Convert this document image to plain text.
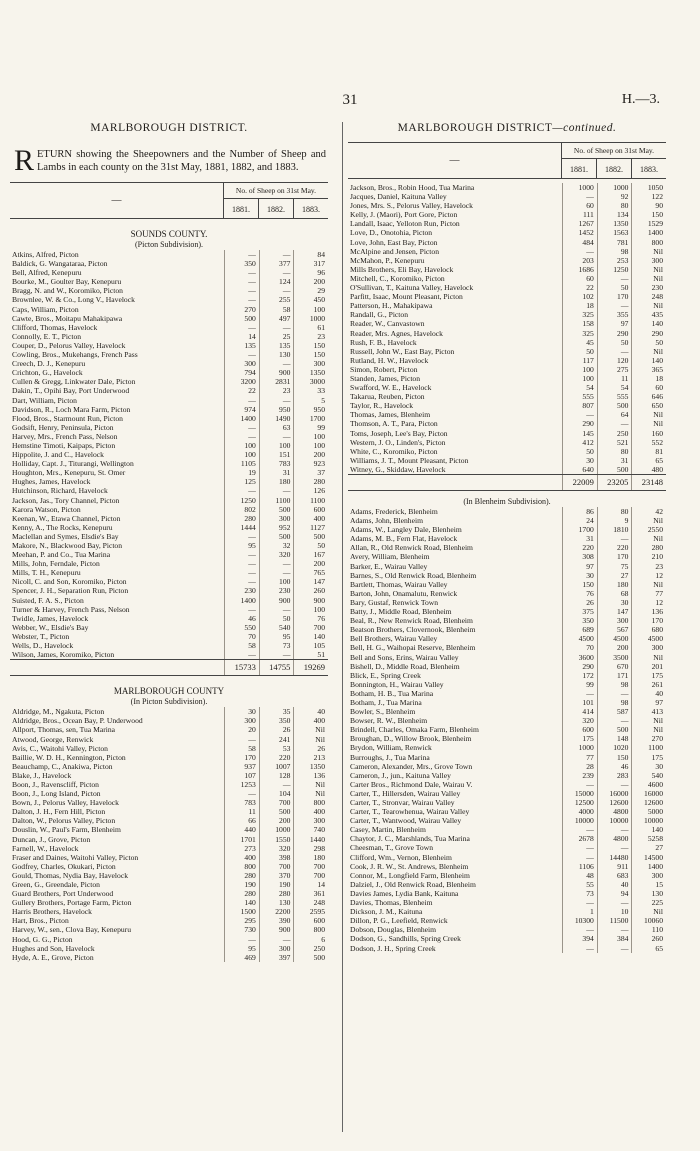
31	H.—3.
MARLBOROUGH DISTRICT.
RETURN showing the Sheepowners and the Number of Sheep and Lambs in each county on the 31st May, 1881, 1882, and 1883.
—
No. of Sheep on 31st May.
1881.	1882.	1883.
SOUNDS COUNTY.
(Picton Subdivision).
Atkins, Alfred, Picton	—	—	84
Baldick, G. Wangataraa, Picton	350	377	317
Bell, Alfred, Kenepuru	—	—	96
Bourke, M., Goulter Bay, Kenepuru	—	124	200
Bragg, N. and W., Koromiko, Picton	—	—	29
Brownlee, W. & Co., Long V., Havelock	—	255	450
Caps, William, Picton	270	58	100
Cawte, Bros., Moitapu Mahakipawa	500	497	1000
Clifford, Thomas, Havelock	—	—	61
Connolly, E. T., Picton	14	25	23
Couper, D., Pelorus Valley, Havelock	135	135	150
Cowling, Bros., Mukehangs, French Pass	—	130	150
Creech, D. J., Kenepuru	300	—	300
Crichton, G., Havelock	794	900	1350
Cullen & Gregg, Linkwater Dale, Picton	3200	2831	3000
Dakin, T., Opihi Bay, Port Underwood	22	23	33
Dart, William, Picton	—	—	5
Davidson, R., Loch Mara Farm, Picton	974	950	950
Flood, Bros., Starmount Run, Picton	1400	1490	1700
Godsift, Henry, Peninsula, Picton	—	63	99
Harvey, Mrs., French Pass, Nelson	—	—	100
Hemstine Timoti, Kaipaps, Picton	100	100	100
Hippolite, J. and C., Havelock	100	151	200
Holliday, Capt. J., Titurangi, Wellington	1105	783	923
Houghton, Mrs., Kenepuru, St. Omer	19	31	37
Hughes, James, Havelock	125	180	280
Hutchinson, Richard, Havelock	—	—	126
Jackson, Jas., Tory Channel, Picton	1250	1100	1100
Karora Watson, Picton	802	500	600
Keenan, W., Etawa Channel, Picton	280	300	400
Kenny, A., The Rocks, Kenepuru	1444	952	1127
Maclellan and Symes, Elsdie's Bay	—	500	500
Makore, N., Blackwood Bay, Picton	95	32	50
Meehan, P. and Co., Tua Marina	—	320	167
Mills, John, Ferndale, Picton	—	—	200
Mills, T. H., Kenepuru	—	—	765
Nicoll, C. and Son, Koromiko, Picton	—	100	147
Spencer, J. H., Separation Run, Picton	230	230	260
Suisted, F. A. S., Picton	1400	900	900
Turner & Harvey, French Pass, Nelson	—	—	100
Twidle, James, Havelock	46	50	76
Webber, W., Elsdie's Bay	550	540	700
Webster, T., Picton	70	95	140
Wells, D., Havelock	58	73	105
Wilson, James, Koromiko, Picton	—	—	51
15733	14755	19269
MARLBOROUGH COUNTY
(In Picton Subdivision).
Aldridge, M., Ngakuta, Picton	30	35	40
Aldridge, Bros., Ocean Bay, P. Underwood	300	350	400
Allport, Thomas, sen, Tua Marina	20	26	Nil
Atwood, George, Renwick	—	241	Nil
Avis, C., Waitohi Valley, Picton	58	53	26
Baillie, W. D. H., Kennington, Picton	170	220	213
Beauchamp, C., Anakiwa, Picton	937	1007	1350
Blake, J., Havelock	107	128	136
Boon, J., Ravenscliff, Picton	1253	—	Nil
Boon, J., Long Island, Picton	—	104	Nil
Bown, J., Pelorus Valley, Havelock	783	700	800
Dalton, J. H., Fern Hill, Picton	11	500	400
Dalton, W., Pelorus Valley, Picton	66	200	300
Douslin, W., Paul's Farm, Blenheim	440	1000	740
Duncan, J., Grove, Picton	1701	1550	1440
Farnell, W., Havelock	273	320	298
Fraser and Daines, Waitohi Valley, Picton	400	398	180
Godfrey, Charles, Okukari, Picton	800	700	700
Gould, Thomas, Nydia Bay, Havelock	280	370	700
Green, G., Greendale, Picton	190	190	14
Guard Brothers, Port Underwood	280	280	361
Gullery Brothers, Portage Farm, Picton	140	130	248
Harris Brothers, Havelock	1500	2200	2595
Hart, Bros., Picton	295	390	600
Harvey, W., sen., Clova Bay, Kenepuru	730	900	800
Hood, G. G., Picton	—	—	6
Hughes and Son, Havelock	95	300	250
Hyde, A. E., Grove, Picton	469	397	500
MARLBOROUGH DISTRICT—continued.
—
No. of Sheep on 31st May.
1881.	1882.	1883.
Jackson, Bros., Robin Hood, Tua Marina	1000	1000	1050
Jacques, Daniel, Kaituna Valley	—	92	122
Jones, Mrs. S., Pelorus Valley, Havelock	60	80	90
Kelly, J. (Maori), Port Gore, Picton	111	134	150
Landall, Isaac, Yelloton Run, Picton	1267	1350	1529
Love, D., Onotohia, Picton	1452	1563	1400
Love, John, East Bay, Picton	484	781	800
McAlpine and Jensen, Picton	—	98	Nil
McMahon, P., Kenepuru	203	253	300
Mills Brothers, Eli Bay, Havelock	1686	1250	Nil
Mitchell, C., Koromiko, Picton	60	—	Nil
O'Sullivan, T., Kaituna Valley, Havelock	22	50	230
Parfitt, Isaac, Mount Pleasant, Picton	102	170	248
Patterson, H., Mahakipawa	18	—	Nil
Randall, G., Picton	325	355	435
Reader, W., Canvastown	158	97	140
Reader, Mrs. Agnes, Havelock	325	290	290
Rush, F. B., Havelock	45	50	50
Russell, John W., East Bay, Picton	50	—	Nil
Rutland, H. W., Havelock	117	120	140
Simon, Robert, Picton	100	275	365
Standen, James, Picton	100	11	18
Swafford, W. E., Havelock	54	54	60
Takarua, Reuben, Picton	555	555	646
Taylor, R., Havelock	807	500	650
Thomas, James, Blenheim	—	64	Nil
Thomson, A. T., Para, Picton	290	—	Nil
Toms, Joseph, Lee's Bay, Picton	145	250	160
Western, J. O., Linden's, Picton	412	521	552
White, C., Koromiko, Picton	50	80	81
Williams, J. T., Mount Pleasant, Picton	30	31	65
Witney, G., Skiddaw, Havelock	640	500	480
22009	23205	23148
(In Blenheim Subdivision).
Adams, Frederick, Blenheim	86	80	42
Adams, John, Blenheim	24	9	Nil
Adams, W., Langley Dale, Blenheim	1700	1810	2550
Adams, M. B., Fern Flat, Havelock	31	—	Nil
Allan, R., Old Renwick Road, Blenheim	220	220	280
Avery, William, Blenheim	308	170	210
Barker, E., Wairau Valley	97	75	23
Barnes, S., Old Renwick Road, Blenheim	30	27	12
Bartlett, Thomas, Wairau Valley	150	180	Nil
Barton, John, Onamalutu, Renwick	76	68	77
Bary, Gustaf, Renwick Town	26	30	12
Batty, J., Middle Road, Blenheim	375	147	136
Beal, R., New Renwick Road, Blenheim	350	300	170
Beatson Brothers, Clovernook, Blenheim	689	567	680
Bell Brothers, Wairau Valley	4500	4500	4500
Bell, H. G., Waihopai Reserve, Blenheim	70	200	300
Bell and Sons, Erins, Wairau Valley	3600	3500	Nil
Bishell, D., Middle Road, Blenheim	290	670	201
Blick, E., Spring Creek	172	171	175
Bonnington, H., Wairau Valley	99	98	261
Botham, H. B., Tua Marina	—	—	40
Botham, J., Tua Marina	101	98	97
Bowler, S., Blenheim	414	587	413
Bowser, R. W., Blenheim	320	—	Nil
Brindell, Charles, Omaka Farm, Blenheim	600	500	Nil
Broughan, D., Willow Brook, Blenheim	175	148	270
Brydon, William, Renwick	1000	1020	1100
Burroughs, J., Tua Marina	77	150	175
Cameron, Alexander, Mrs., Grove Town	28	46	30
Cameron, J., jun., Kaituna Valley	239	283	540
Carter Bros., Richmond Dale, Wairau V.	—	—	4600
Carter, T., Hillersden, Wairau Valley	15000	16000	16000
Carter, T., Stronvar, Wairau Valley	12500	12600	12600
Carter, T., Tearowhenua, Wairau Valley	4000	4800	5000
Carter, T., Wantwood, Wairau Valley	10000	10000	10000
Casey, Martin, Blenheim	—	—	140
Chaytor, J. C., Marshlands, Tua Marina	2678	4800	5258
Cheesman, T., Grove Town	—	—	27
Clifford, Wm., Vernon, Blenheim	—	14480	14500
Cook, J. R. W., St. Andrews, Blenheim	1106	911	1400
Connor, M., Longfield Farm, Blenheim	48	683	300
Dalziel, J., Old Renwick Road, Blenheim	55	40	15
Davies James, Lydia Bank, Kaituna	73	94	130
Davies, Thomas, Blenheim	—	—	225
Dickson, J. M., Kaituna	1	10	Nil
Dillon, P. G., Leefield, Renwick	10300	11500	10060
Dobson, Douglas, Blenheim	—	—	110
Dodson, G., Sandhills, Spring Creek	394	384	260
Dodson, J. H., Spring Creek	—	—	65
